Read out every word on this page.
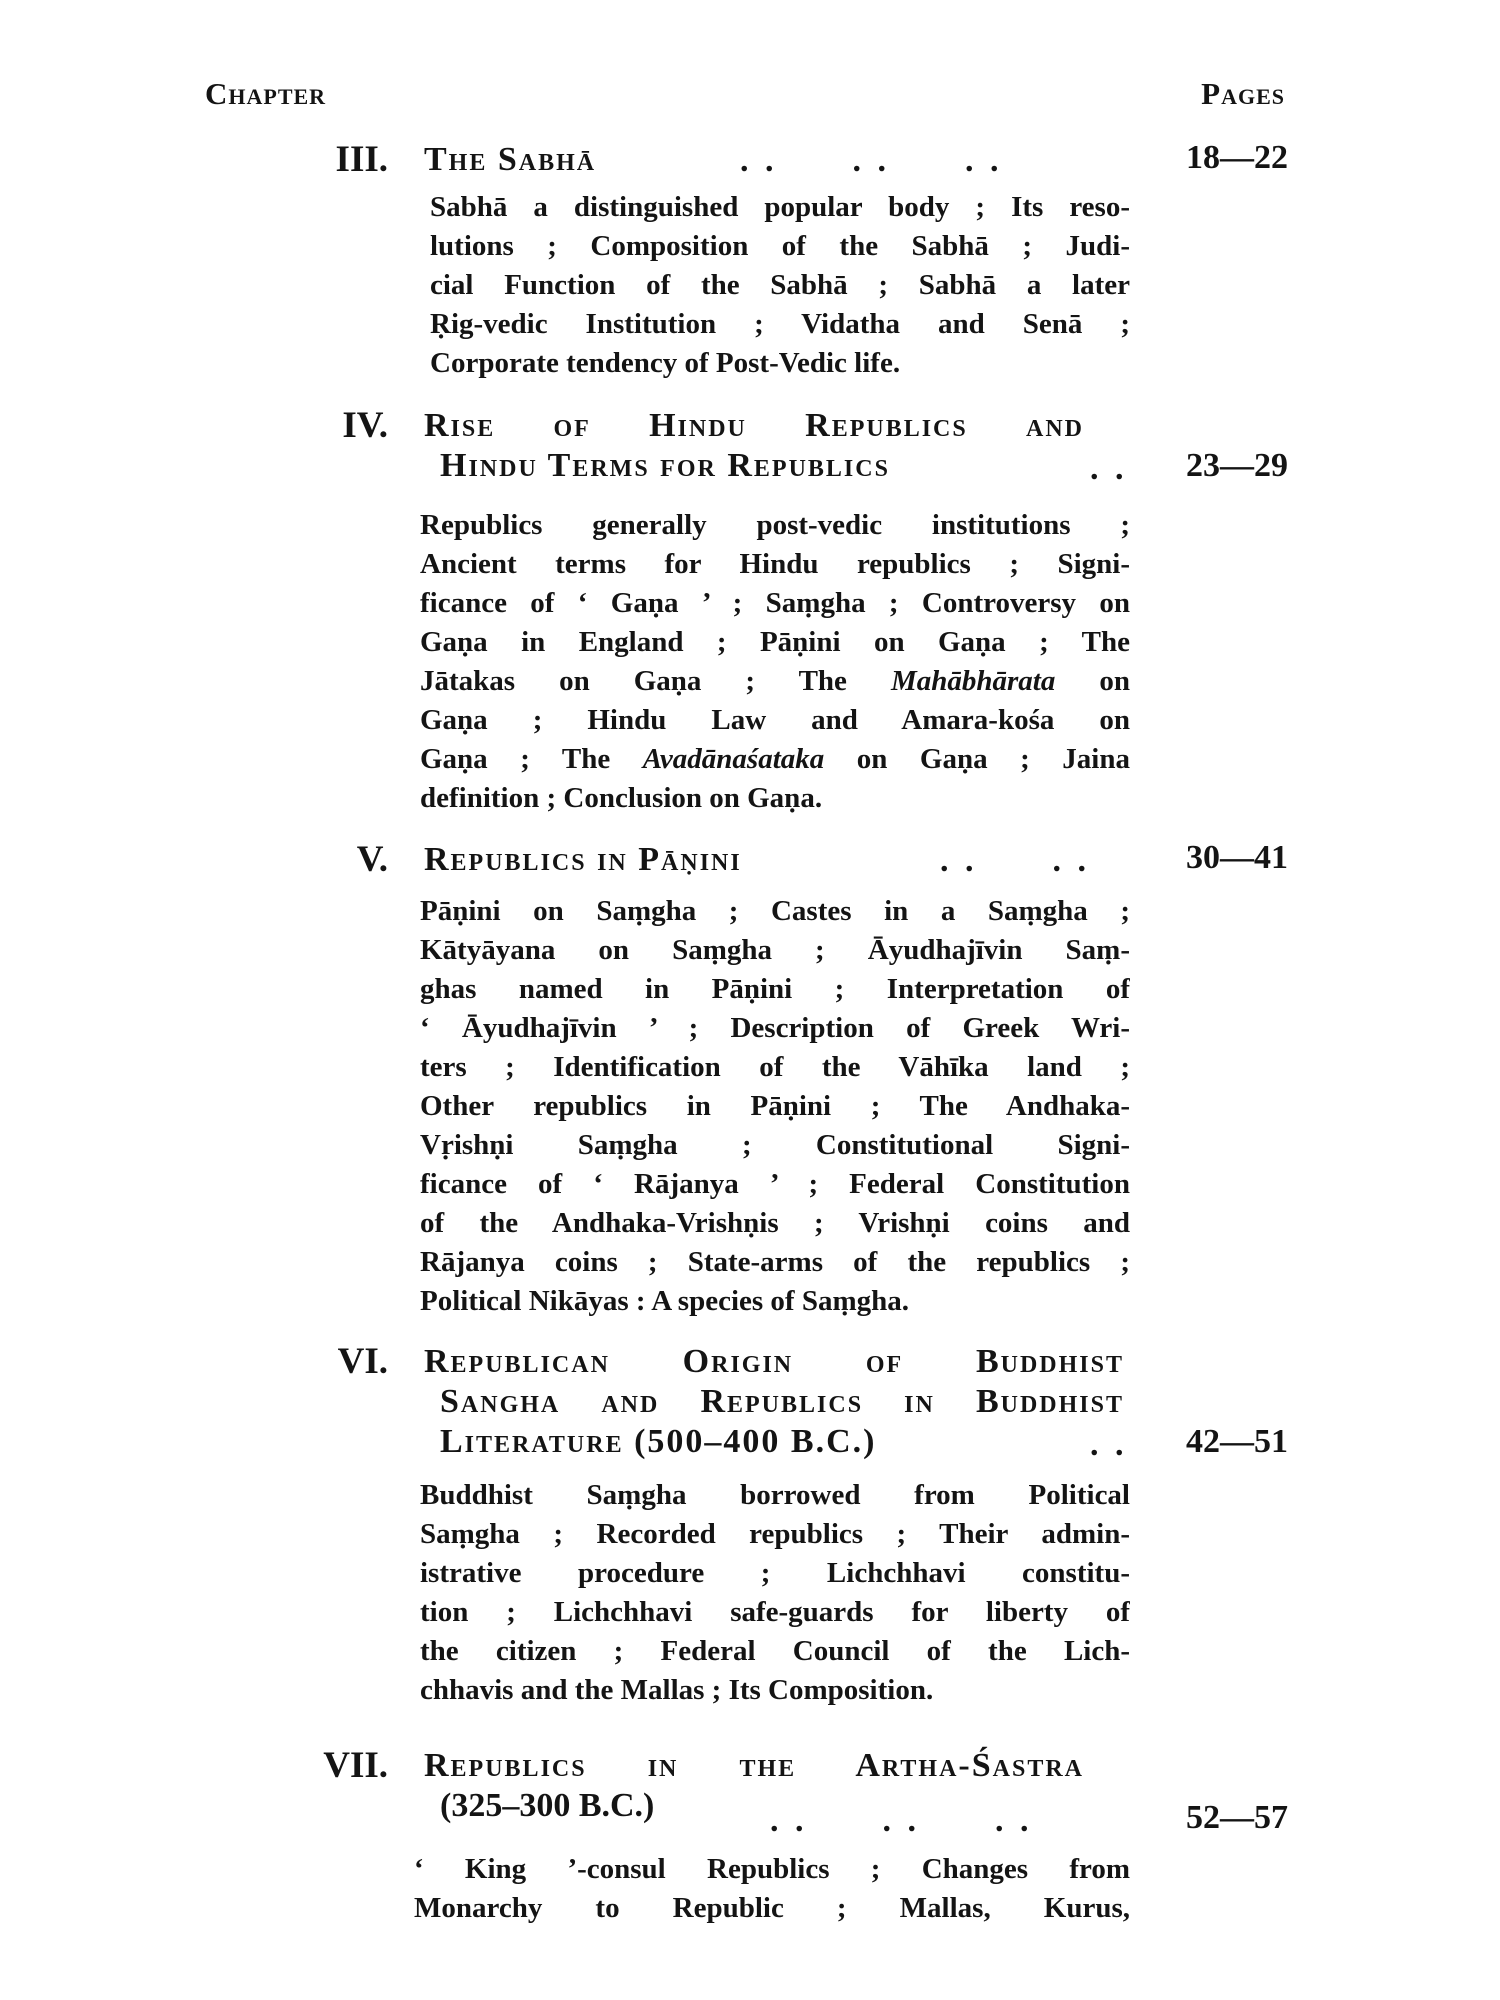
Chapter	Pages
III. The Sabhā	. .      . .      . .	18—22
Sabhā a distinguished popular body ; Its reso-
lutions ; Composition of the Sabhā ; Judi-
cial Function of the Sabhā ; Sabhā a later
Ṛig-vedic Institution ; Vidatha and Senā ;
Corporate tendency of Post-Vedic life.
IV. Rise of Hindu Republics and
Hindu Terms for Republics	. . 23—29
Republics generally post-vedic institutions ;
Ancient terms for Hindu republics ; Signi-
ficance of ‘ Gaṇa ’ ; Saṃgha ; Controversy on
Gaṇa in England ; Pāṇini on Gaṇa ; The
Jātakas on Gaṇa ; The Mahābhārata on
Gaṇa ; Hindu Law and Amara-kośa on
Gaṇa ; The Avadānaśataka on Gaṇa ; Jaina
definition ; Conclusion on Gaṇa.
V. Republics in Pāṇini	. .      . .	30—41
Pāṇini on Saṃgha ; Castes in a Saṃgha ;
Kātyāyana on Saṃgha ; Āyudhajīvin Saṃ-
ghas named in Pāṇini ; Interpretation of
‘ Āyudhajīvin ’ ; Description of Greek Wri-
ters ; Identification of the Vāhīka land ;
Other republics in Pāṇini ; The Andhaka-
Vṛishṇi Saṃgha ; Constitutional Signi-
ficance of ‘ Rājanya ’ ; Federal Constitution
of the Andhaka-Vrishṇis ; Vrishṇi coins and
Rājanya coins ; State-arms of the republics ;
Political Nikāyas : A species of Saṃgha.
VI. Republican Origin of Buddhist
Sangha and Republics in Buddhist
Literature (500–400 B.C.)	. . 42—51
Buddhist Saṃgha borrowed from Political
Saṃgha ; Recorded republics ; Their admin-
istrative procedure ; Lichchhavi constitu-
tion ; Lichchhavi safe-guards for liberty of
the citizen ; Federal Council of the Lich-
chhavis and the Mallas ; Its Composition.
VII. Republics in the Artha-Śastra
(325–300 B.C.)	. .      . .      . .	52—57
‘ King ’-consul Republics ; Changes from
Monarchy to Republic ; Mallas, Kurus,
